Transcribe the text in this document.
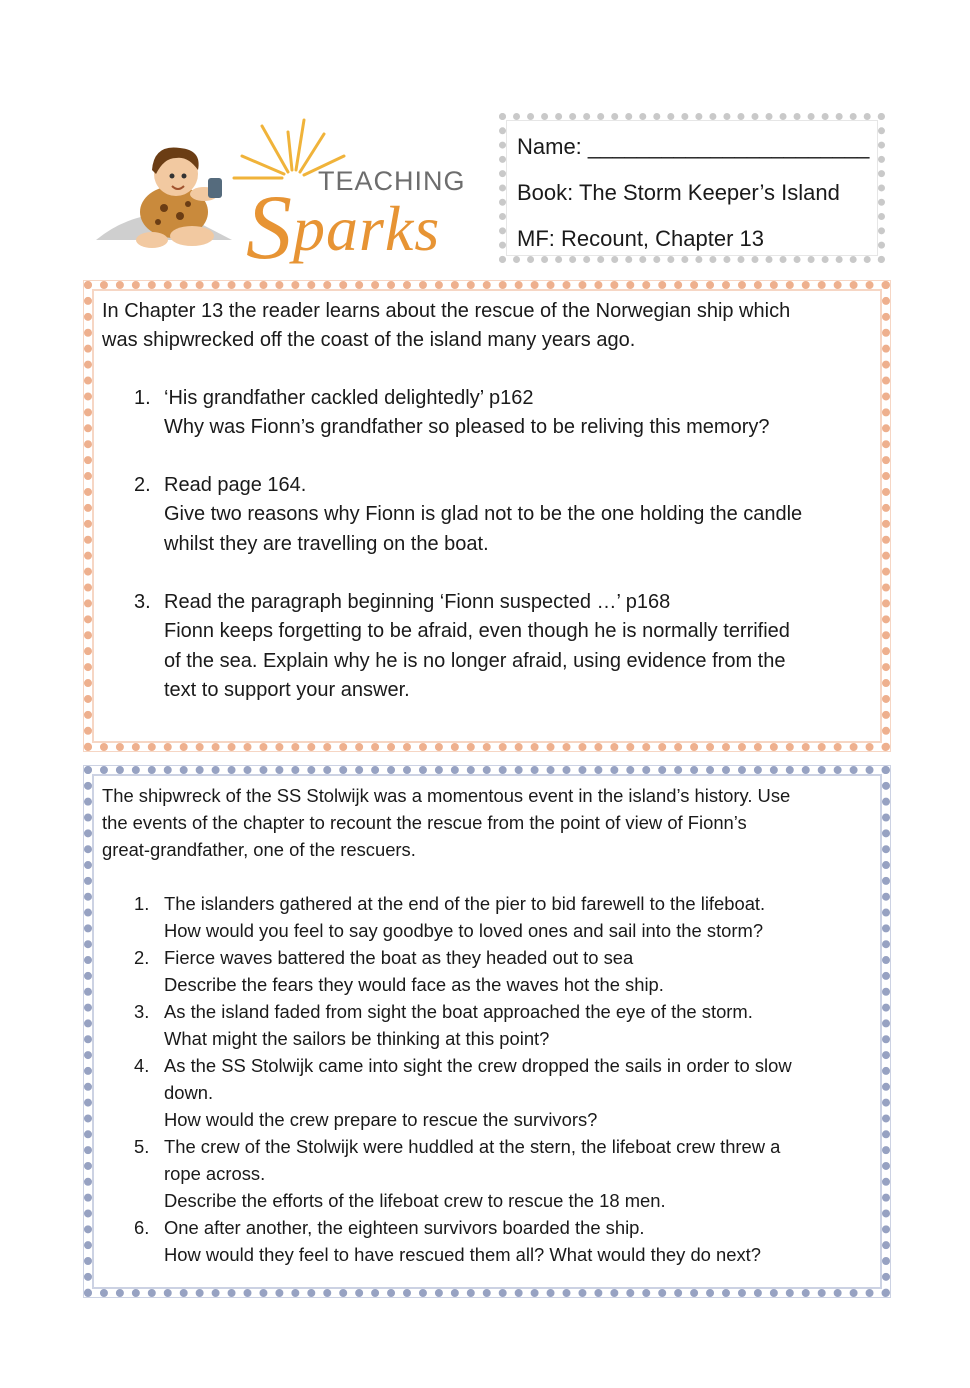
TEACHING
Sparks
Name: _______________________
Book: The Storm Keeper’s Island
MF: Recount, Chapter 13

In Chapter 13 the reader learns about the rescue of the Norwegian ship which
was shipwrecked off the coast of the island many years ago.

1. ‘His grandfather cackled delightedly’ p162
Why was Fionn’s grandfather so pleased to be reliving this memory?
2. Read page 164.
Give two reasons why Fionn is glad not to be the one holding the candle
whilst they are travelling on the boat.
3. Read the paragraph beginning ‘Fionn suspected …’ p168
Fionn keeps forgetting to be afraid, even though he is normally terrified
of the sea. Explain why he is no longer afraid, using evidence from the
text to support your answer.

The shipwreck of the SS Stolwijk was a momentous event in the island’s history. Use
the events of the chapter to recount the rescue from the point of view of Fionn’s
great-grandfather, one of the rescuers.

1. The islanders gathered at the end of the pier to bid farewell to the lifeboat.
How would you feel to say goodbye to loved ones and sail into the storm?
2. Fierce waves battered the boat as they headed out to sea
Describe the fears they would face as the waves hot the ship.
3. As the island faded from sight the boat approached the eye of the storm.
What might the sailors be thinking at this point?
4. As the SS Stolwijk came into sight the crew dropped the sails in order to slow
down.
How would the crew prepare to rescue the survivors?
5. The crew of the Stolwijk were huddled at the stern, the lifeboat crew threw a
rope across.
Describe the efforts of the lifeboat crew to rescue the 18 men.
6. One after another, the eighteen survivors boarded the ship.
How would they feel to have rescued them all? What would they do next?
